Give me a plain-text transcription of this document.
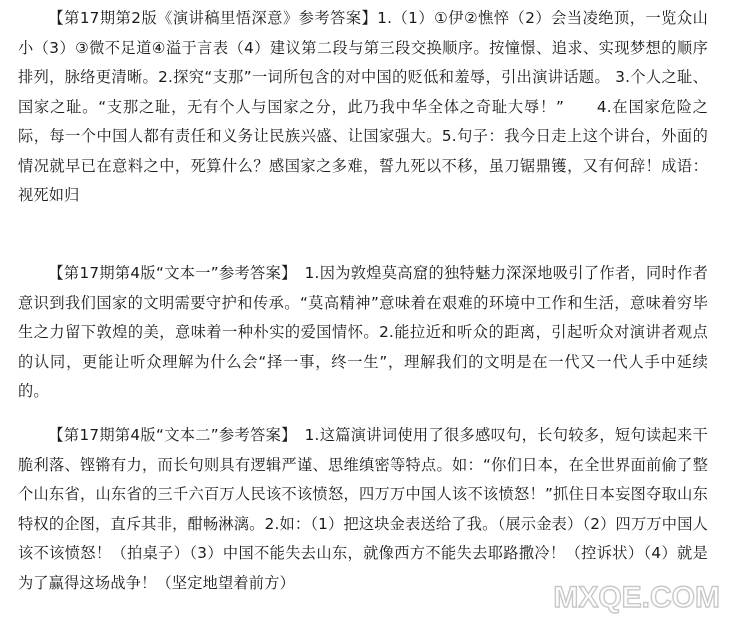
【第17期第2版《演讲稿里悟深意》参考答案】1.（1）①伊②憔悴（2）会当凌绝顶，一览众山小（3）③微不足道④溢于言表（4）建议第二段与第三段交换顺序。按憧憬、追求、实现梦想的顺序排列，脉络更清晰。2.探究“支那”一词所包含的对中国的贬低和羞辱，引出演讲话题。 3.个人之耻、国家之耻。“支那之耻，无有个人与国家之分，此乃我中华全体之奇耻大辱！”　　4.在国家危险之际，每一个中国人都有责任和义务让民族兴盛、让国家强大。5.句子：我今日走上这个讲台，外面的情况就早已在意料之中，死算什么？感国家之多难，誓九死以不移，虽刀锯鼎镬，又有何辞！成语：视死如归

【第17期第4版“文本一”参考答案】　1.因为敦煌莫高窟的独特魅力深深地吸引了作者，同时作者意识到我们国家的文明需要守护和传承。“莫高精神”意味着在艰难的环境中工作和生活，意味着穷毕生之力留下敦煌的美，意味着一种朴实的爱国情怀。2.能拉近和听众的距离，引起听众对演讲者观点的认同，更能让听众理解为什么会“择一事，终一生”，理解我们的文明是在一代又一代人手中延续的。

【第17期第4版“文本二”参考答案】　1.这篇演讲词使用了很多感叹句，长句较多，短句读起来干脆利落、铿锵有力，而长句则具有逻辑严谨、思维缜密等特点。如：“你们日本，在全世界面前偷了整个山东省，山东省的三千六百万人民该不该愤怒，四万万中国人该不该愤怒！”抓住日本妄图夺取山东特权的企图，直斥其非，酣畅淋漓。2.如：（1）把这块金表送给了我。（展示金表）（2）四万万中国人该不该愤怒！（拍桌子）（3）中国不能失去山东，就像西方不能失去耶路撒冷！（控诉状）（4）就是为了赢得这场战争！（坚定地望着前方）	MXQE.COM
